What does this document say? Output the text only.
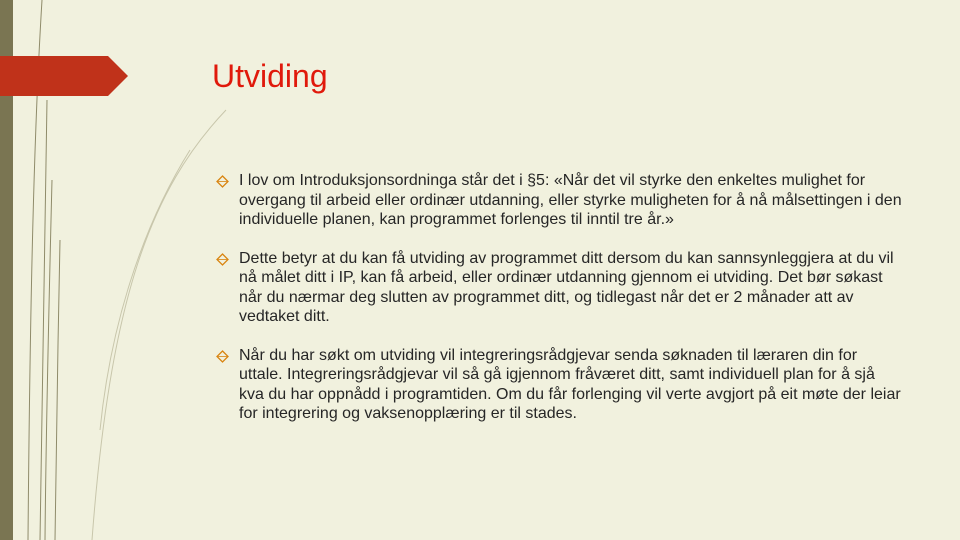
Utviding
I lov om Introduksjonsordninga står det i §5: «Når det vil styrke den enkeltes mulighet for overgang til arbeid eller ordinær utdanning, eller styrke muligheten for å nå målsettingen i den individuelle planen, kan programmet forlenges til inntil tre år.»
Dette betyr at du kan få utviding av programmet ditt dersom du kan sannsynleggjera at du vil nå målet ditt i IP, kan få arbeid, eller ordinær utdanning gjennom ei utviding. Det bør søkast når du nærmar deg slutten av programmet ditt, og tidlegast når det er 2 månader att av vedtaket ditt.
Når du har søkt om utviding vil integreringsrådgjevar senda søknaden til læraren din for uttale. Integreringsrådgjevar vil så gå igjennom fråværet ditt, samt individuell plan for å sjå kva du har oppnådd i programtiden. Om du får forlenging vil verte avgjort på eit møte der leiar for integrering og vaksenopplæring er til stades.
